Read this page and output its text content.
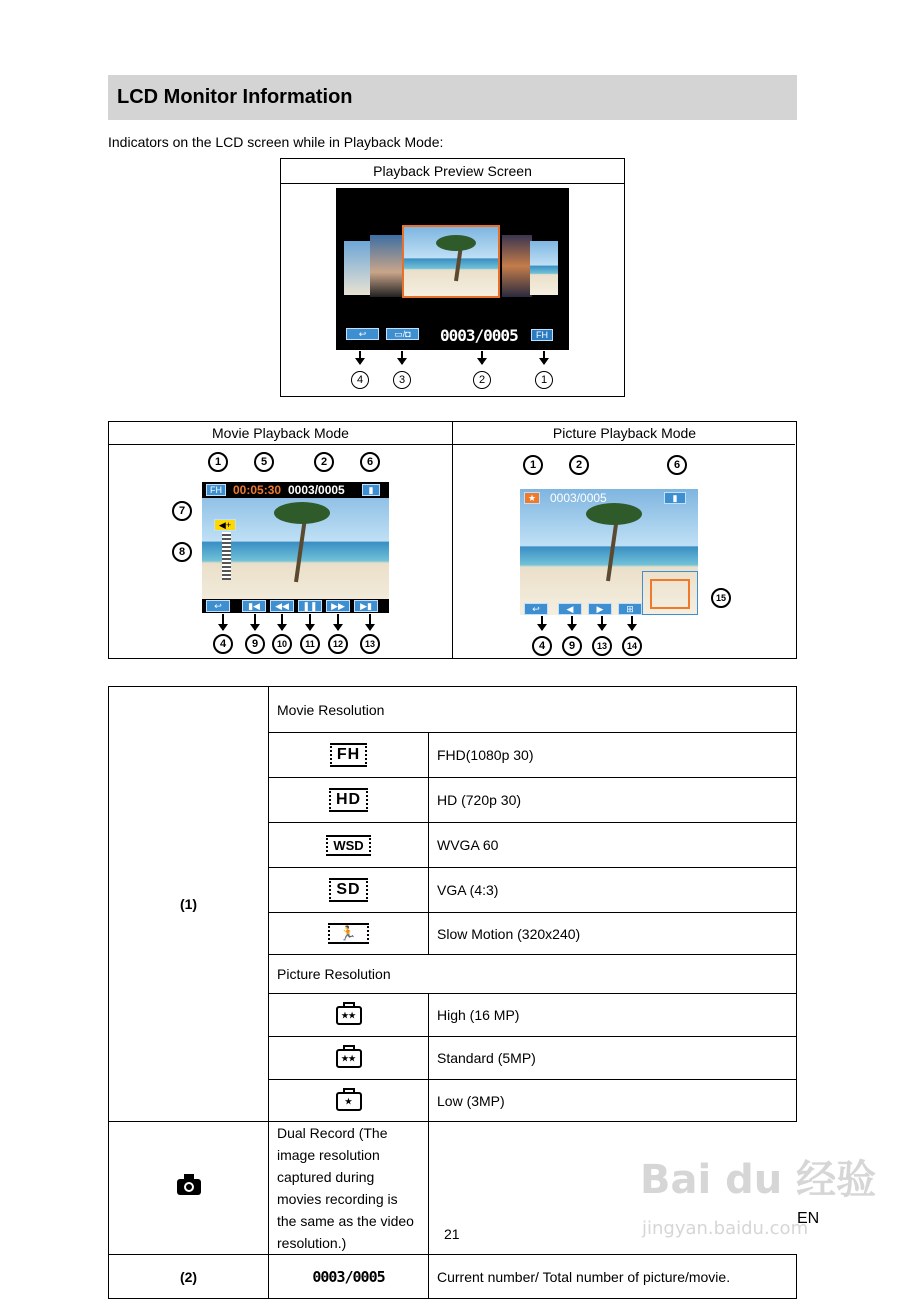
LCD Monitor Information
Indicators on the LCD screen while in Playback Mode:
Playback Preview Screen
↩	▭/◘	0003/0005	FH
4	3	2	1
Movie Playback Mode	Picture Playback Mode
FH 00:05:30 0003/0005	▮
◀+
↩	▮◀	◀◀	❚❚	▶▶	▶▮
1	5	2	6
7
8
4	9	10	11	12	13
★	0003/0005	▮
↩	◀	▶	⊞
1	2	6
15
4	9	13	14
(1)	Movie Resolution	
	FH	FHD(1080p 30)
	HD	HD (720p 30)
	WSD	WVGA 60
	SD	VGA (4:3)
	🏃	Slow Motion (320x240)
	Picture Resolution	
	★★	High (16 MP)
	★★	Standard (5MP)
	★	Low (3MP)
	Dual Record (The image resolution captured during movies recording is the same as the video resolution.)	
(2)	0003/0005	Current number/ Total number of picture/movie.
21
EN
Bai du 经验
jingyan.baidu.com
